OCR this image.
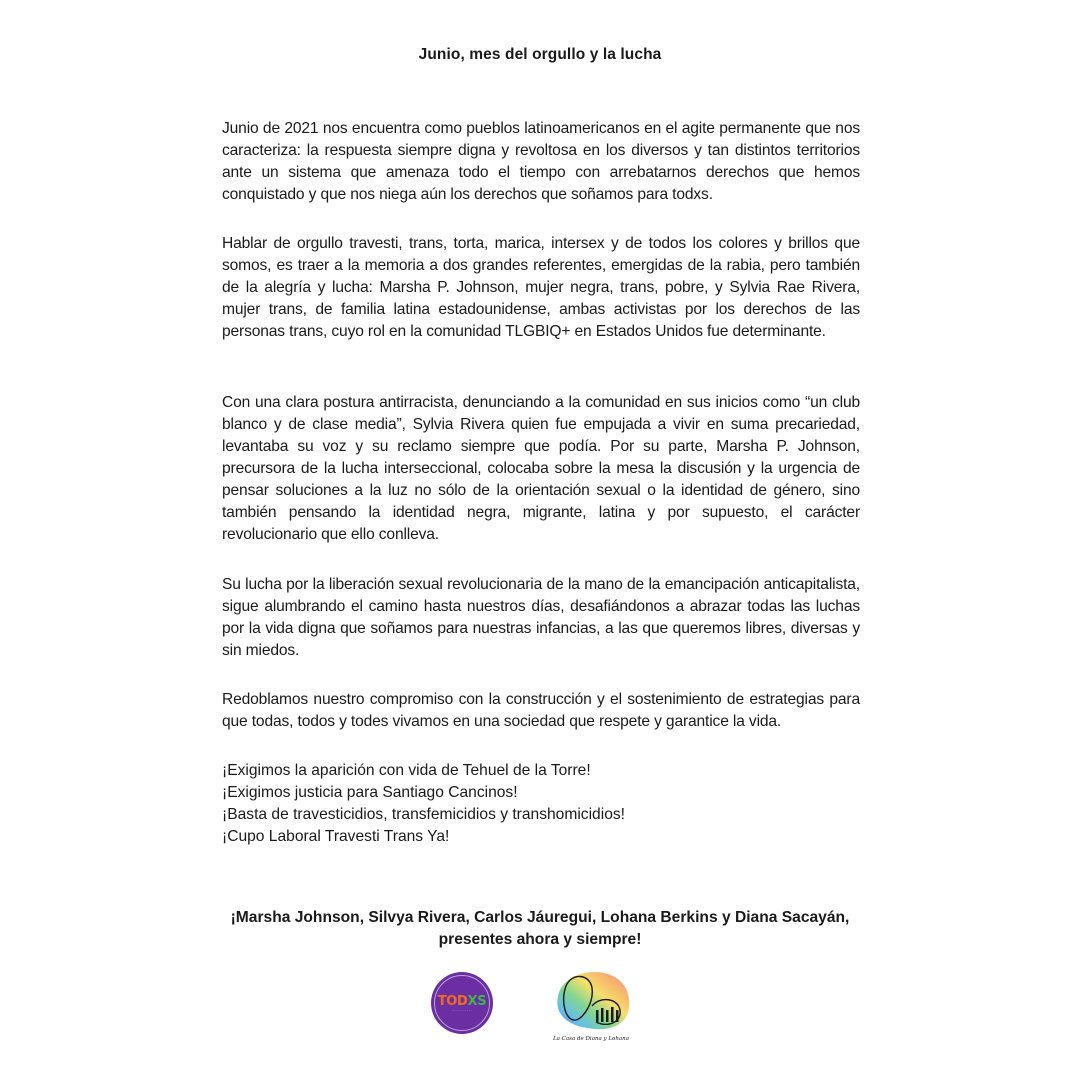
Junio, mes del orgullo y la lucha

Junio de 2021 nos encuentra como pueblos latinoamericanos en el agite permanente que nos caracteriza: la respuesta siempre digna y revoltosa en los diversos y tan distintos territorios ante un sistema que amenaza todo el tiempo con arrebatarnos derechos que hemos conquistado y que nos niega aún los derechos que soñamos para todxs.

Hablar de orgullo travesti, trans, torta, marica, intersex y de todos los colores y brillos que somos, es traer a la memoria a dos grandes referentes, emergidas de la rabia, pero también de la alegría y lucha: Marsha P. Johnson, mujer negra, trans, pobre, y Sylvia Rae Rivera, mujer trans, de familia latina estadounidense, ambas activistas por los derechos de las personas trans, cuyo rol en la comunidad TLGBIQ+ en Estados Unidos fue determinante.

Con una clara postura antirracista, denunciando a la comunidad en sus inicios como “un club blanco y de clase media”, Sylvia Rivera quien fue empujada a vivir en suma precariedad, levantaba su voz y su reclamo siempre que podía. Por su parte, Marsha P. Johnson, precursora de la lucha interseccional, colocaba sobre la mesa la discusión y la urgencia de pensar soluciones a la luz no sólo de la orientación sexual o la identidad de género, sino también pensando la identidad negra, migrante, latina y por supuesto, el carácter revolucionario que ello conlleva.

Su lucha por la liberación sexual revolucionaria de la mano de la emancipación anticapitalista, sigue alumbrando el camino hasta nuestros días, desafiándonos a abrazar todas las luchas por la vida digna que soñamos para nuestras infancias, a las que queremos libres, diversas y sin miedos.

Redoblamos nuestro compromiso con la construcción y el sostenimiento de estrategias para que todas, todos y todes vivamos en una sociedad que respete y garantice la vida.

¡Exigimos la aparición con vida de Tehuel de la Torre!
¡Exigimos justicia para Santiago Cancinos!
¡Basta de travesticidios, transfemicidios y transhomicidios!
¡Cupo Laboral Travesti Trans Ya!
¡Marsha Johnson, Silvya Rivera, Carlos Jáuregui, Lohana Berkins y Diana Sacayán,
presentes ahora y siempre!
TODXS
- - - - - - - - - - -
La Casa de Diana y Lohana
